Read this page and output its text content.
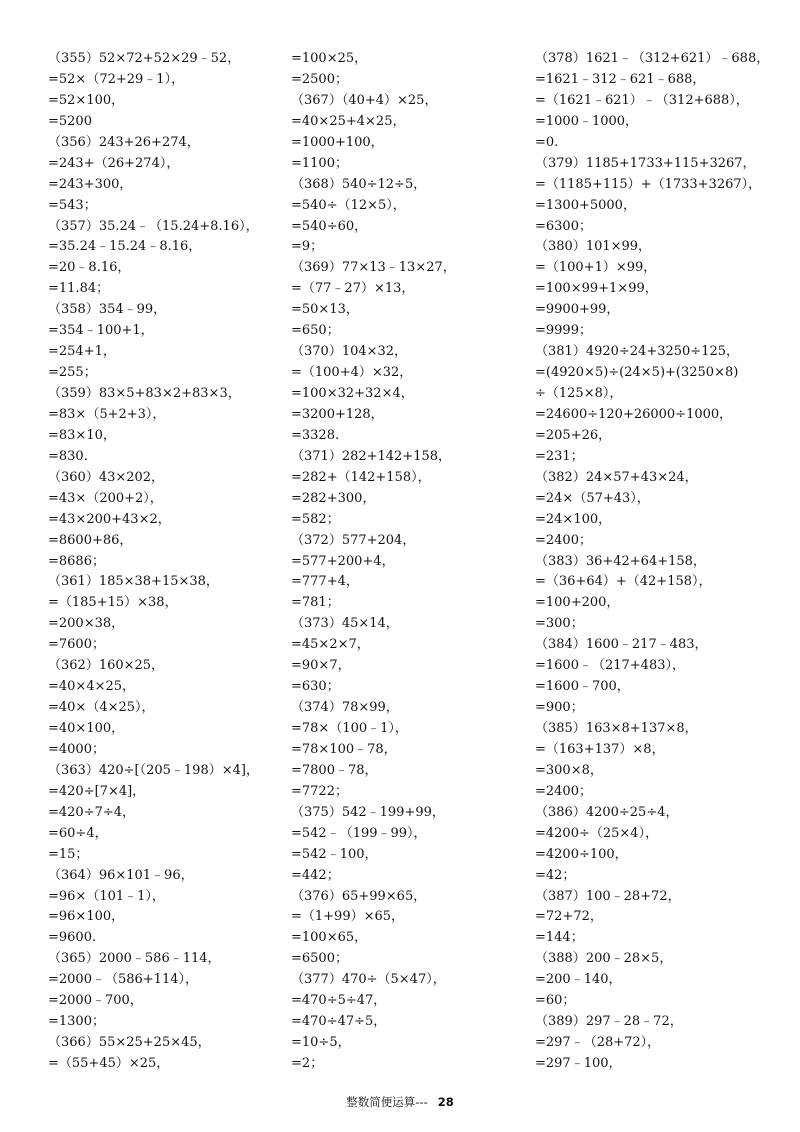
（355）52×72+52×29﹣52，
=52×（72+29﹣1），
=52×100，
=5200
（356）243+26+274，
=243+（26+274），
=243+300，
=543；
（357）35.24﹣（15.24+8.16），
=35.24﹣15.24﹣8.16，
=20﹣8.16，
=11.84；
（358）354﹣99，
=354﹣100+1，
=254+1，
=255；
（359）83×5+83×2+83×3，
=83×（5+2+3），
=83×10，
=830.
（360）43×202，
=43×（200+2），
=43×200+43×2，
=8600+86，
=8686；
（361）185×38+15×38，
=（185+15）×38，
=200×38，
=7600；
（362）160×25，
=40×4×25，
=40×（4×25），
=40×100，
=4000；
（363）420÷[（205﹣198）×4]，
=420÷[7×4]，
=420÷7÷4，
=60÷4，
=15；
（364）96×101﹣96，
=96×（101﹣1），
=96×100，
=9600.
（365）2000﹣586﹣114，
=2000﹣（586+114），
=2000﹣700，
=1300；
（366）55×25+25×45，
=（55+45）×25，
=100×25，
=2500；
（367）（40+4）×25，
=40×25+4×25，
=1000+100，
=1100；
（368）540÷12÷5，
=540÷（12×5），
=540÷60，
=9；
（369）77×13﹣13×27，
=（77﹣27）×13，
=50×13，
=650；
（370）104×32，
=（100+4）×32，
=100×32+32×4，
=3200+128，
=3328.
（371）282+142+158，
=282+（142+158），
=282+300，
=582；
（372）577+204，
=577+200+4，
=777+4，
=781；
（373）45×14，
=45×2×7，
=90×7，
=630；
（374）78×99，
=78×（100﹣1），
=78×100﹣78，
=7800﹣78，
=7722；
（375）542﹣199+99，
=542﹣（199﹣99），
=542﹣100，
=442；
（376）65+99×65，
=（1+99）×65，
=100×65，
=6500；
（377）470÷（5×47），
=470÷5÷47，
=470÷47÷5，
=10÷5，
=2；
（378）1621﹣（312+621）﹣688，
=1621﹣312﹣621﹣688，
=（1621﹣621）﹣（312+688），
=1000﹣1000，
=0.
（379）1185+1733+115+3267，
=（1185+115）+（1733+3267），
=1300+5000，
=6300；
（380）101×99，
=（100+1）×99，
=100×99+1×99，
=9900+99，
=9999；
（381）4920÷24+3250÷125，
=(4920×5)÷(24×5)+(3250×8)
÷（125×8），
=24600÷120+26000÷1000，
=205+26，
=231；
（382）24×57+43×24，
=24×（57+43），
=24×100，
=2400；
（383）36+42+64+158，
=（36+64）+（42+158），
=100+200，
=300；
（384）1600﹣217﹣483，
=1600﹣（217+483），
=1600﹣700，
=900；
（385）163×8+137×8，
=（163+137）×8，
=300×8，
=2400；
（386）4200÷25÷4，
=4200÷（25×4），
=4200÷100，
=42；
（387）100﹣28+72，
=72+72，
=144；
（388）200﹣28×5，
=200﹣140，
=60；
（389）297﹣28﹣72，
=297﹣（28+72），
=297﹣100，
整数简便运算--- 28
